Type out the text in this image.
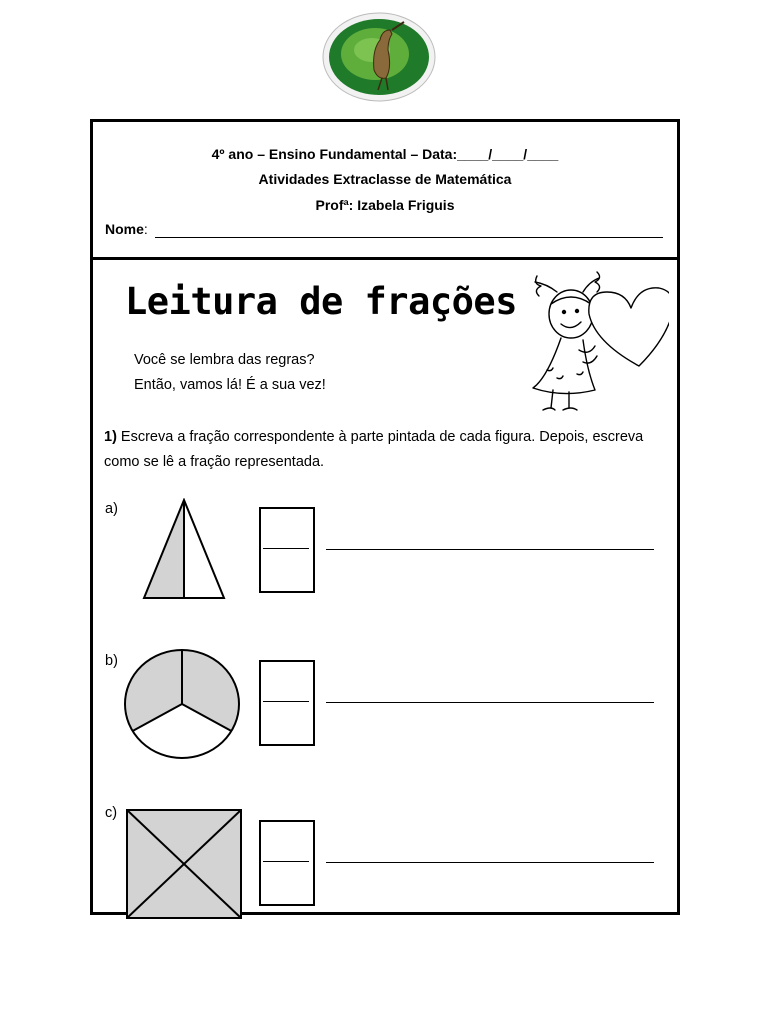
4º ano – Ensino Fundamental – Data:____/____/____
Atividades Extraclasse de Matemática
Profª: Izabela Friguis
Nome:
Leitura de frações
Você se lembra das regras?
Então, vamos lá! É a sua vez!
1) Escreva a fração correspondente à parte pintada de cada figura. Depois, escreva como se lê a fração representada.
a)
b)
c)
